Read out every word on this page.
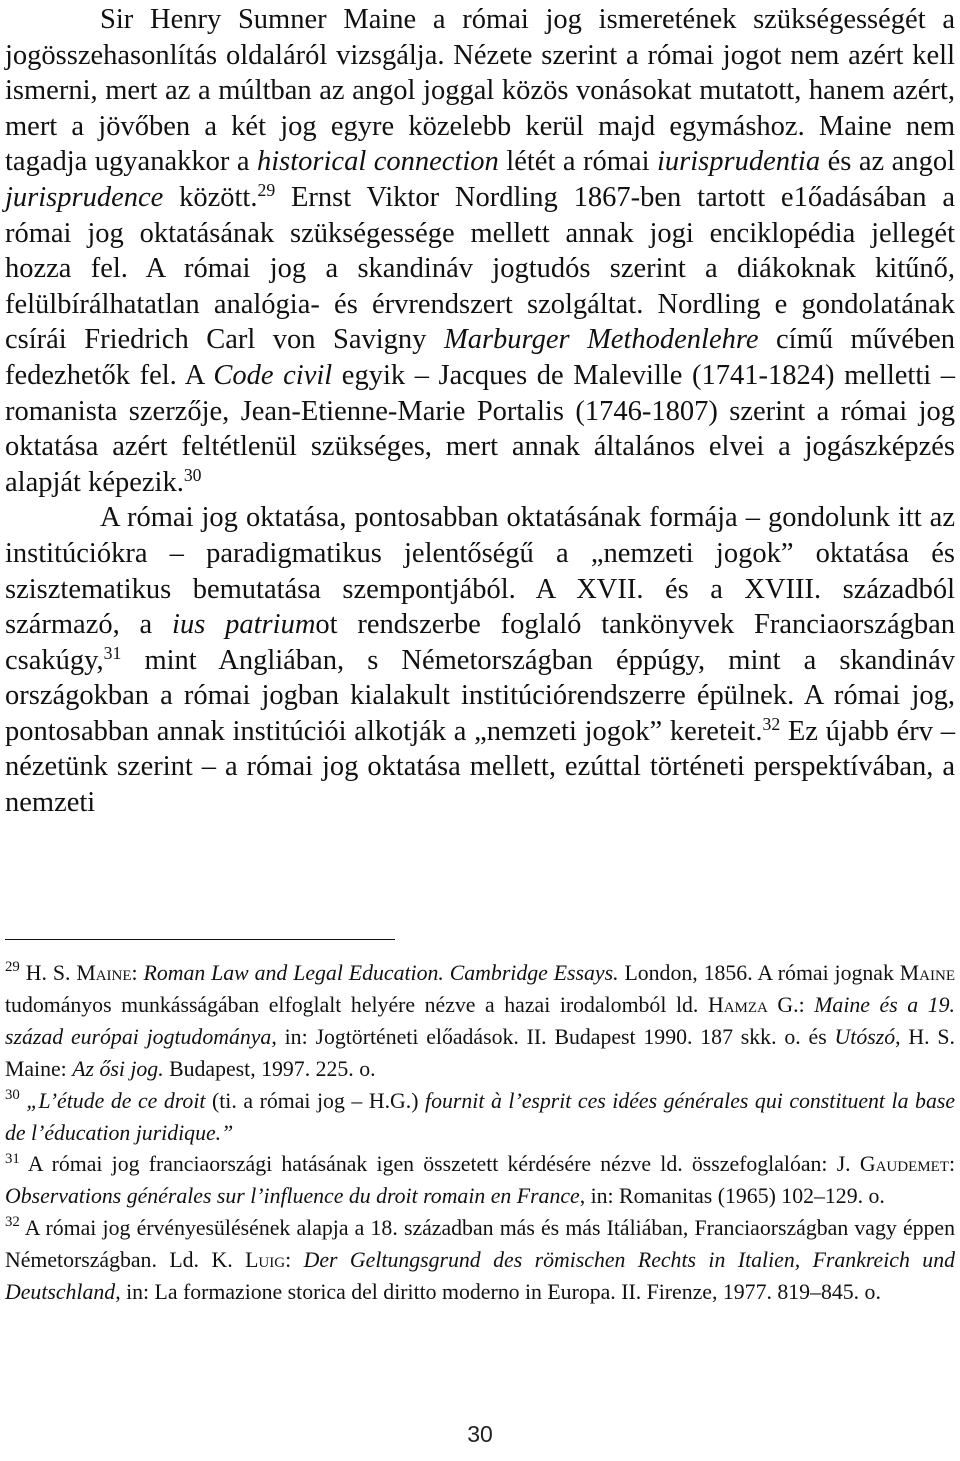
Sir Henry Sumner Maine a római jog ismeretének szükségességét a jogösszehasonlítás oldaláról vizsgálja. Nézete szerint a római jogot nem azért kell ismerni, mert az a múltban az angol joggal közös vonásokat mutatott, hanem azért, mert a jövőben a két jog egyre közelebb kerül majd egymáshoz. Maine nem tagadja ugyanakkor a historical connection létét a római iurisprudentia és az angol jurisprudence között.$^{29}$ Ernst Viktor Nordling 1867-ben tartott e1őadásában a római jog oktatásának szükségessége mellett annak jogi enciklopédia jellegét hozza fel. A római jog a skandináv jogtudós szerint a diákoknak kitűnő, felülbírálhatatlan analógia- és érvrendszert szolgáltat. Nordling e gondolatának csírái Friedrich Carl von Savigny Marburger Methodenlehre című művében fedezhetők fel. A Code civil egyik – Jacques de Maleville (1741-1824) melletti – romanista szerzője, Jean-Etienne-Marie Portalis (1746-1807) szerint a római jog oktatása azért feltétlenül szükséges, mert annak általános elvei a jogászképzés alapját képezik.$^{30}$

A római jog oktatása, pontosabban oktatásának formája – gondolunk itt az institúciókra – paradigmatikus jelentőségű a „nemzeti jogok” oktatása és szisztematikus bemutatása szempontjából. A XVII. és a XVIII. századból származó, a ius patriumot rendszerbe foglaló tankönyvek Franciaországban csakúgy,$^{31}$ mint Angliában, s Németországban éppúgy, mint a skandináv országokban a római jogban kialakult institúciórendszerre épülnek. A római jog, pontosabban annak institúciói alkotják a „nemzeti jogok” kereteit.$^{32}$ Ez újabb érv – nézetünk szerint – a római jog oktatása mellett, ezúttal történeti perspektívában, a nemzeti

$^{29}$ H. S. Maine: Roman Law and Legal Education. Cambridge Essays. London, 1856. A római jognak Maine tudományos munkásságában elfoglalt helyére nézve a hazai irodalomból ld. Hamza G.: Maine és a 19. század európai jogtudománya, in: Jogtörténeti előadások. II. Budapest 1990. 187 skk. o. és Utószó, H. S. Maine: Az ősi jog. Budapest, 1997. 225. o.

$^{30}$ „L’étude de ce droit (ti. a római jog – H.G.) fournit à l’esprit ces idées générales qui constituent la base de l’éducation juridique.”

$^{31}$ A római jog franciaországi hatásának igen összetett kérdésére nézve ld. összefoglalóan: J. Gaudemet: Observations générales sur l’influence du droit romain en France, in: Romanitas (1965) 102–129. o.

$^{32}$ A római jog érvényesülésének alapja a 18. században más és más Itáliában, Franciaországban vagy éppen Németországban. Ld. K. Luig: Der Geltungsgrund des römischen Rechts in Italien, Frankreich und Deutschland, in: La formazione storica del diritto moderno in Europa. II. Firenze, 1977. 819–845. o.

30
